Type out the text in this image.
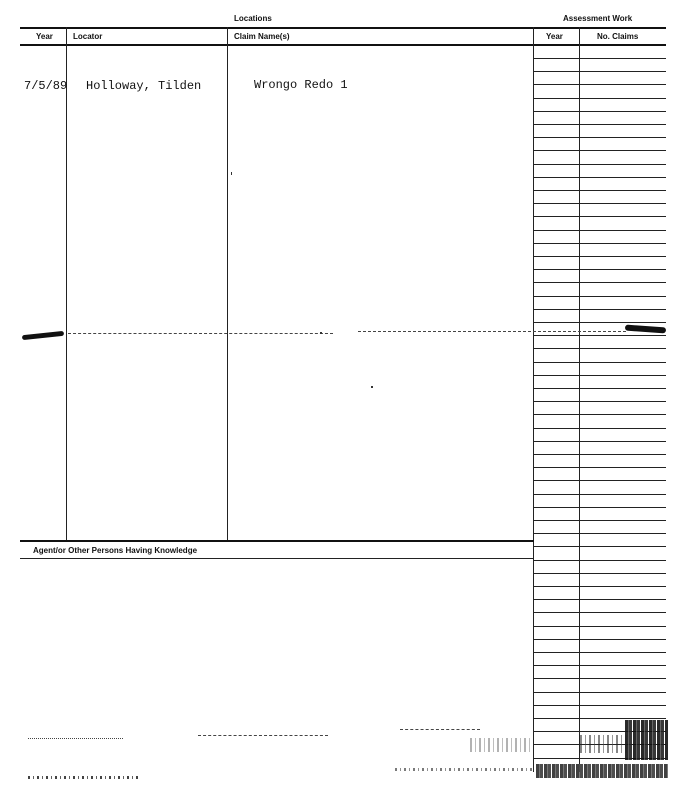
Locations	Assessment Work
Year	Locator	Claim Name(s)	Year	No. Claims
7/5/89 Holloway, Tilden	Wrongo Redo 1
Agent/or Other Persons Having Knowledge
